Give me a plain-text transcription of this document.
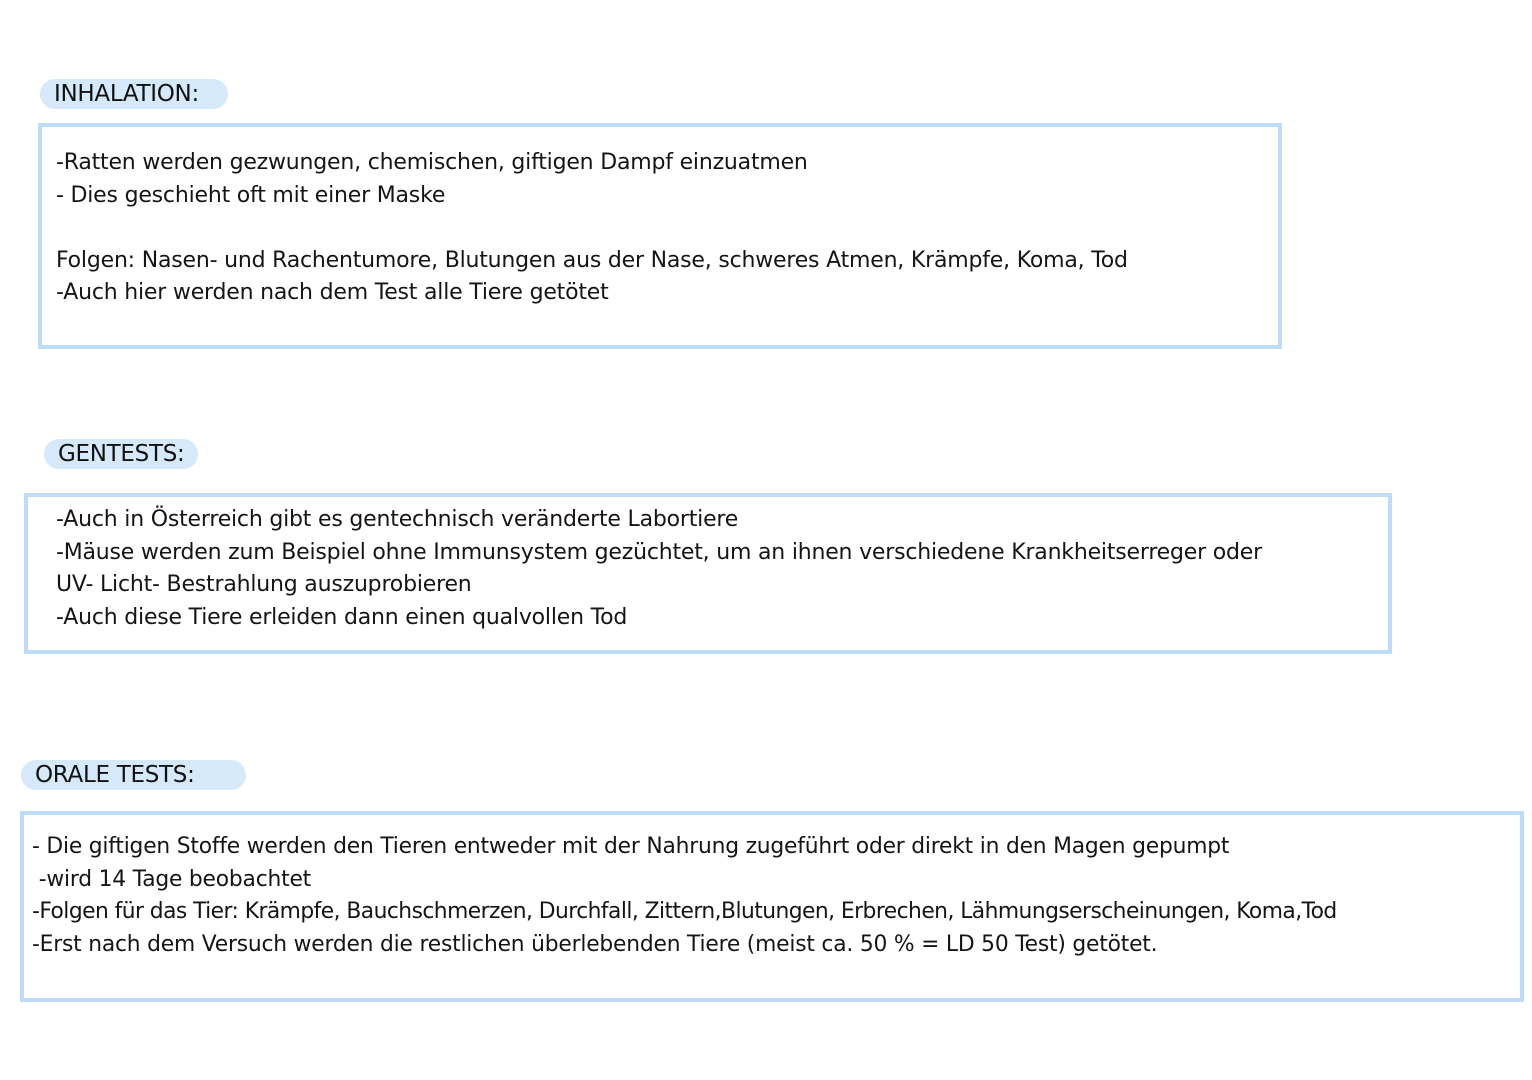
INHALATION:
-Ratten werden gezwungen, chemischen, giftigen Dampf einzuatmen
- Dies geschieht oft mit einer Maske
Folgen: Nasen- und Rachentumore, Blutungen aus der Nase, schweres Atmen, Krämpfe, Koma, Tod
-Auch hier werden nach dem Test alle Tiere getötet
GENTESTS:
-Auch in Österreich gibt es gentechnisch veränderte Labortiere
-Mäuse werden zum Beispiel ohne Immunsystem gezüchtet, um an ihnen verschiedene Krankheitserreger oder
UV- Licht- Bestrahlung auszuprobieren
-Auch diese Tiere erleiden dann einen qualvollen Tod
ORALE TESTS:
- Die giftigen Stoffe werden den Tieren entweder mit der Nahrung zugeführt oder direkt in den Magen gepumpt
-wird 14 Tage beobachtet
-Folgen für das Tier: Krämpfe, Bauchschmerzen, Durchfall, Zittern,Blutungen, Erbrechen, Lähmungserscheinungen, Koma,Tod
-Erst nach dem Versuch werden die restlichen überlebenden Tiere (meist ca. 50 % = LD 50 Test) getötet.
